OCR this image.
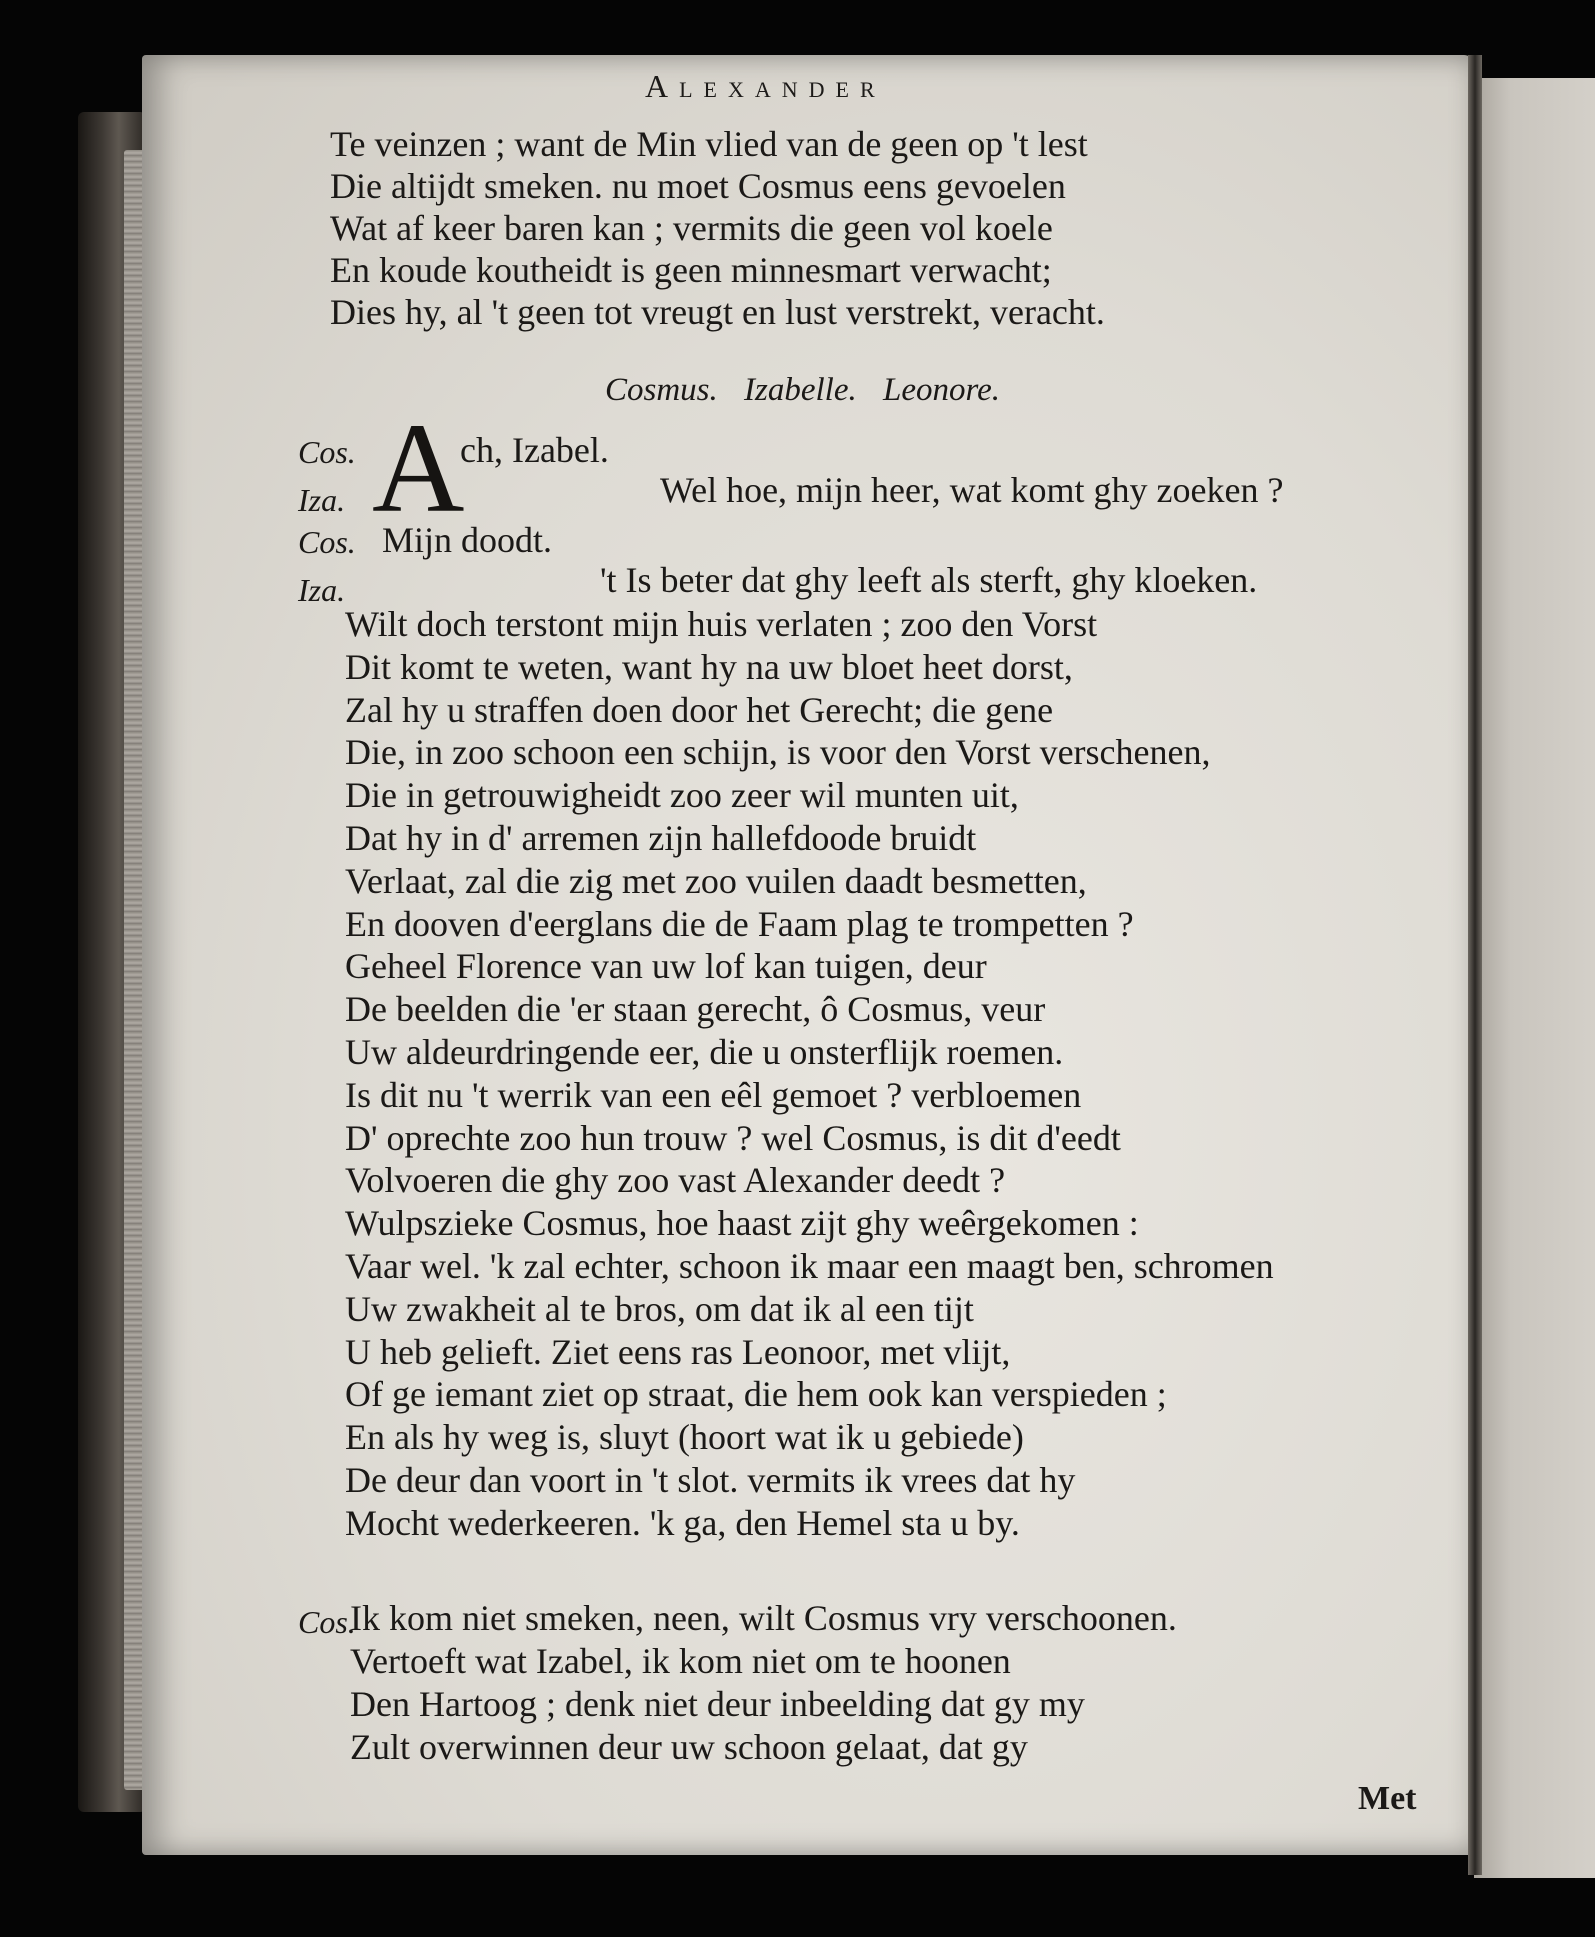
Alexander
Te veinzen ; want de Min vlied van de geen op 't lest
Die altijdt smeken. nu moet Cosmus eens gevoelen
Wat af keer baren kan ; vermits die geen vol koele
En koude koutheidt is geen minnesmart verwacht;
Dies hy, al 't geen tot vreugt en lust verstrekt, veracht.
Cosmus. Izabelle. Leonore.
Cos. A
ch, Izabel.
Iza.	Wel hoe, mijn heer, wat komt ghy zoeken ?
Cos. Mijn doodt.
Iza.	't Is beter dat ghy leeft als sterft, ghy kloeken.
Wilt doch terstont mijn huis verlaten ; zoo den Vorst
Dit komt te weten, want hy na uw bloet heet dorst,
Zal hy u straffen doen door het Gerecht; die gene
Die, in zoo schoon een schijn, is voor den Vorst verschenen,
Die in getrouwigheidt zoo zeer wil munten uit,
Dat hy in d' arremen zijn hallefdoode bruidt
Verlaat, zal die zig met zoo vuilen daadt besmetten,
En dooven d'eerglans die de Faam plag te trompetten ?
Geheel Florence van uw lof kan tuigen, deur
De beelden die 'er staan gerecht, ô Cosmus, veur
Uw aldeurdringende eer, die u onsterflijk roemen.
Is dit nu 't werrik van een eêl gemoet ? verbloemen
D' oprechte zoo hun trouw ? wel Cosmus, is dit d'eedt
Volvoeren die ghy zoo vast Alexander deedt ?
Wulpszieke Cosmus, hoe haast zijt ghy weêrgekomen :
Vaar wel. 'k zal echter, schoon ik maar een maagt ben, schromen
Uw zwakheit al te bros, om dat ik al een tijt
U heb gelieft. Ziet eens ras Leonoor, met vlijt,
Of ge iemant ziet op straat, die hem ook kan verspieden ;
En als hy weg is, sluyt (hoort wat ik u gebiede)
De deur dan voort in 't slot. vermits ik vrees dat hy
Mocht wederkeeren. 'k ga, den Hemel sta u by.
Cos.
Ik kom niet smeken, neen, wilt Cosmus vry verschoonen.
Vertoeft wat Izabel, ik kom niet om te hoonen
Den Hartoog ; denk niet deur inbeelding dat gy my
Zult overwinnen deur uw schoon gelaat, dat gy
Met
